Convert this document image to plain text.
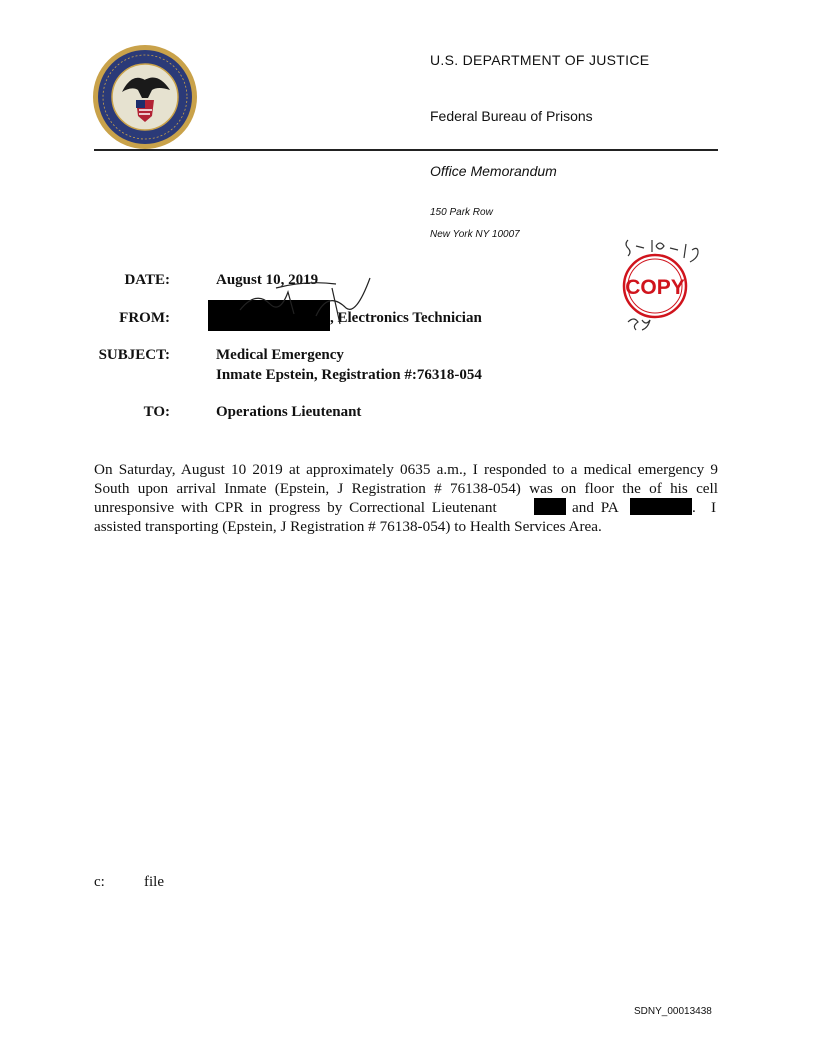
U.S. DEPARTMENT OF JUSTICE
Federal Bureau of Prisons
Office Memorandum
150 Park Row
New York NY 10007
COPY
DATE:	August 10, 2019
FROM:	, Electronics Technician
SUBJECT:	Medical Emergency
Inmate Epstein, Registration #:76318-054
TO:	Operations Lieutenant
On Saturday, August 10 2019 at approximately 0635 a.m., I responded to a medical emergency 9
South upon arrival Inmate (Epstein, J Registration # 76138-054) was on floor the of his cell
unresponsive with CPR in progress by Correctional Lieutenant	and PA	. I
assisted transporting (Epstein, J Registration # 76138-054) to Health Services Area.
c:	file
SDNY_00013438
